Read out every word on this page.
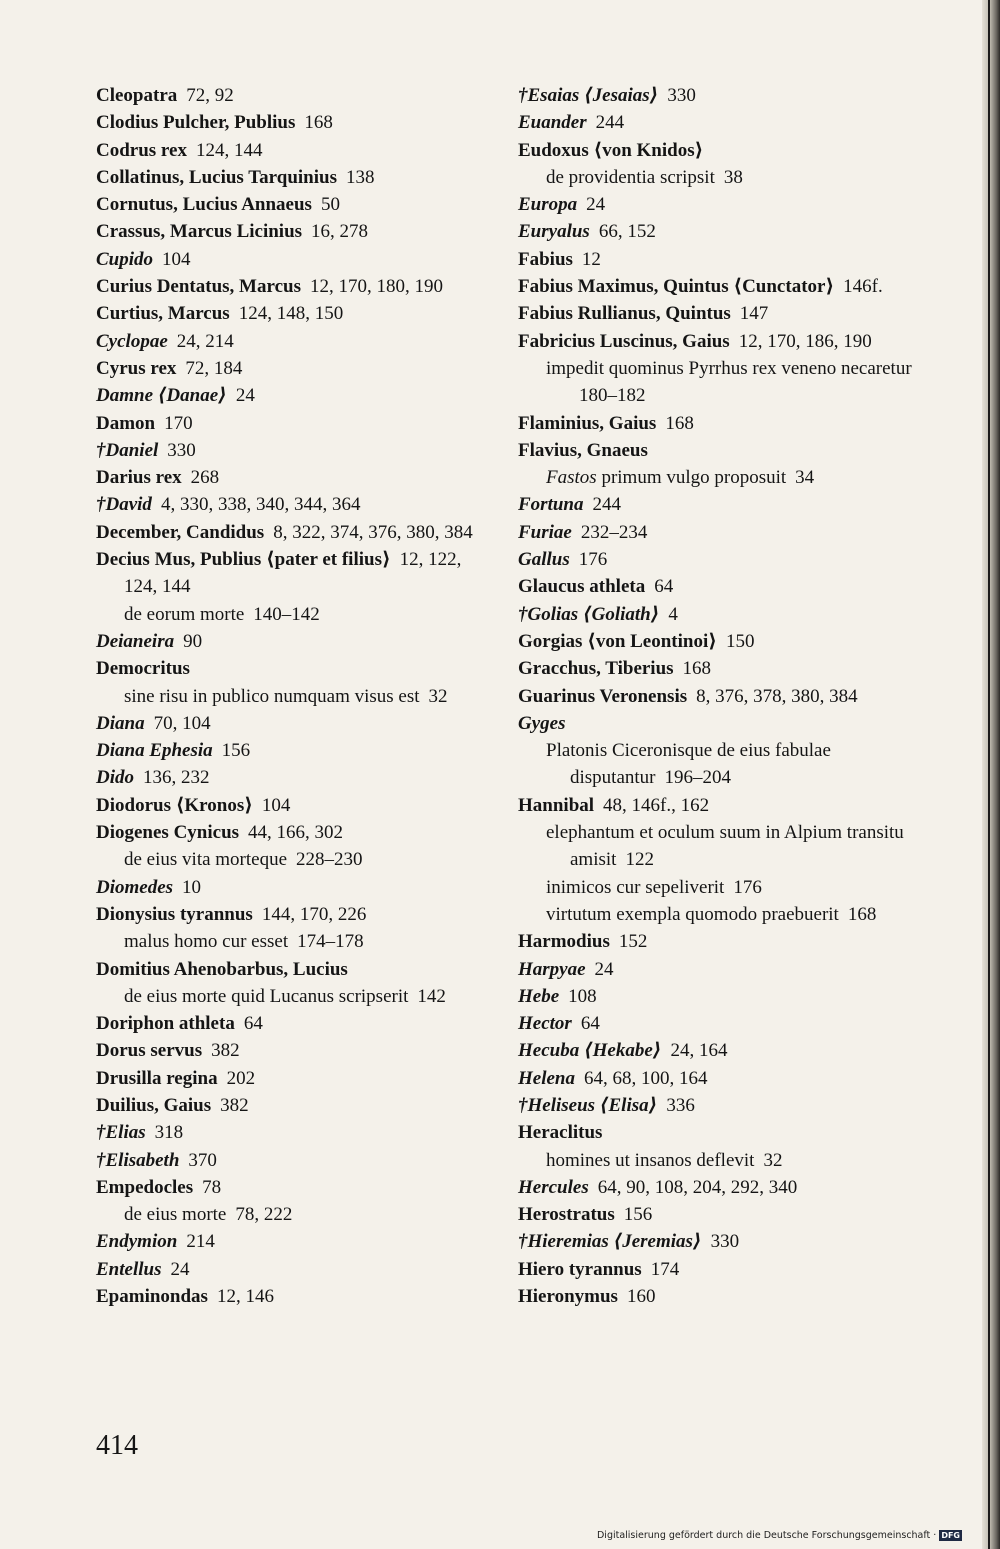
Cleopatra 72, 92
Clodius Pulcher, Publius 168
Codrus rex 124, 144
Collatinus, Lucius Tarquinius 138
Cornutus, Lucius Annaeus 50
Crassus, Marcus Licinius 16, 278
Cupido 104
Curius Dentatus, Marcus 12, 170, 180, 190
Curtius, Marcus 124, 148, 150
Cyclopae 24, 214
Cyrus rex 72, 184
Damne ⟨Danae⟩ 24
Damon 170
†Daniel 330
Darius rex 268
†David 4, 330, 338, 340, 344, 364
December, Candidus 8, 322, 374, 376, 380, 384
Decius Mus, Publius ⟨pater et filius⟩ 12, 122, 124, 144
de eorum morte 140–142
Deianeira 90
Democritus
sine risu in publico numquam visus est 32
Diana 70, 104
Diana Ephesia 156
Dido 136, 232
Diodorus ⟨Kronos⟩ 104
Diogenes Cynicus 44, 166, 302
de eius vita morteque 228–230
Diomedes 10
Dionysius tyrannus 144, 170, 226
malus homo cur esset 174–178
Domitius Ahenobarbus, Lucius
de eius morte quid Lucanus scripserit 142
Doriphon athleta 64
Dorus servus 382
Drusilla regina 202
Duilius, Gaius 382
†Elias 318
†Elisabeth 370
Empedocles 78
de eius morte 78, 222
Endymion 214
Entellus 24
Epaminondas 12, 146
†Esaias ⟨Jesaias⟩ 330
Euander 244
Eudoxus ⟨von Knidos⟩
de providentia scripsit 38
Europa 24
Euryalus 66, 152
Fabius 12
Fabius Maximus, Quintus ⟨Cunctator⟩ 146f.
Fabius Rullianus, Quintus 147
Fabricius Luscinus, Gaius 12, 170, 186, 190
impedit quominus Pyrrhus rex veneno necaretur180–182
Flaminius, Gaius 168
Flavius, Gnaeus
Fastos primum vulgo proposuit 34
Fortuna 244
Furiae 232–234
Gallus 176
Glaucus athleta 64
†Golias ⟨Goliath⟩ 4
Gorgias ⟨von Leontinoi⟩ 150
Gracchus, Tiberius 168
Guarinus Veronensis 8, 376, 378, 380, 384
Gyges
Platonis Ciceronisque de eius fabulae disputantur 196–204
Hannibal 48, 146f., 162
elephantum et oculum suum in Alpium transitu amisit 122
inimicos cur sepeliverit 176
virtutum exempla quomodo praebuerit 168
Harmodius 152
Harpyae 24
Hebe 108
Hector 64
Hecuba ⟨Hekabe⟩ 24, 164
Helena 64, 68, 100, 164
†Heliseus ⟨Elisa⟩ 336
Heraclitus
homines ut insanos deflevit 32
Hercules 64, 90, 108, 204, 292, 340
Herostratus 156
†Hieremias ⟨Jeremias⟩ 330
Hiero tyrannus 174
Hieronymus 160
414
Digitalisierung gefördert durch die Deutsche Forschungsgemeinschaft · DFG
